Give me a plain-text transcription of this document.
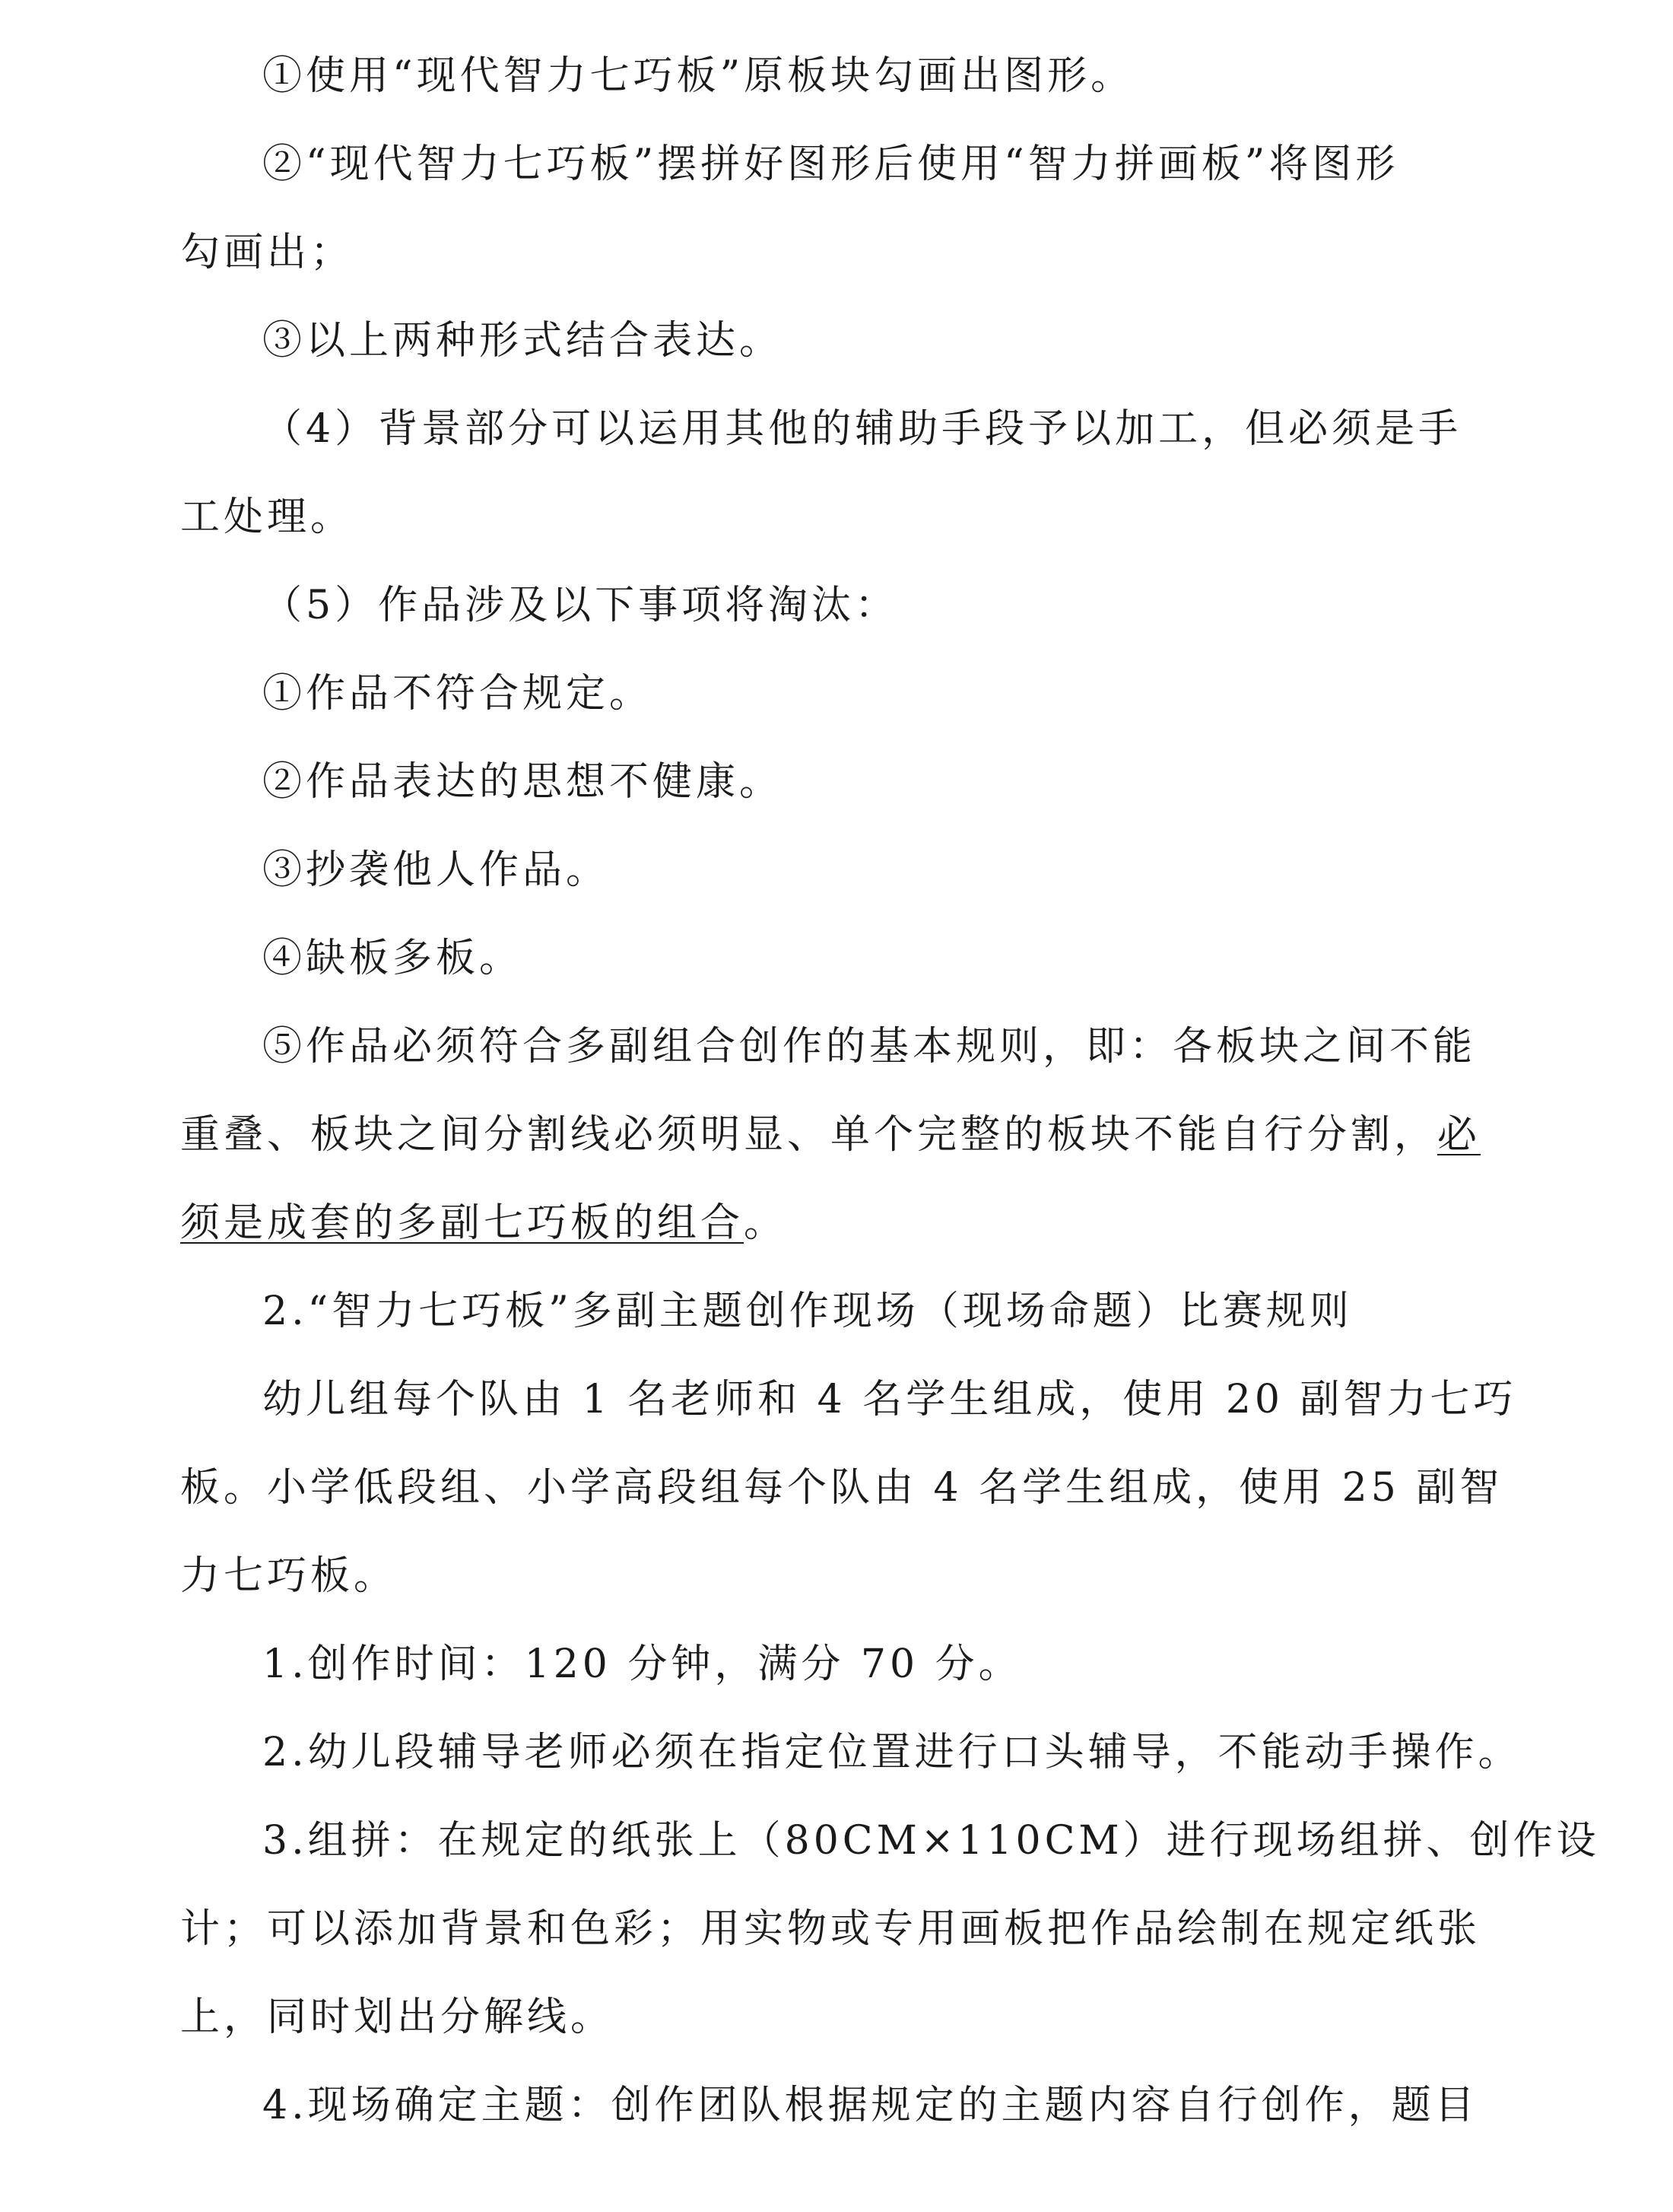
①使用“现代智力七巧板”原板块勾画出图形。
②“现代智力七巧板”摆拼好图形后使用“智力拼画板”将图形
勾画出；
③以上两种形式结合表达。
（4）背景部分可以运用其他的辅助手段予以加工，但必须是手
工处理。
（5）作品涉及以下事项将淘汰：
①作品不符合规定。
②作品表达的思想不健康。
③抄袭他人作品。
④缺板多板。
⑤作品必须符合多副组合创作的基本规则，即：各板块之间不能
重叠、板块之间分割线必须明显、单个完整的板块不能自行分割，必
须是成套的多副七巧板的组合。
2.“智力七巧板”多副主题创作现场（现场命题）比赛规则
幼儿组每个队由 1 名老师和 4 名学生组成，使用 20 副智力七巧
板。小学低段组、小学高段组每个队由 4 名学生组成，使用 25 副智
力七巧板。
1.创作时间：120 分钟，满分 70 分。
2.幼儿段辅导老师必须在指定位置进行口头辅导，不能动手操作。
3.组拼：在规定的纸张上（80CM×110CM）进行现场组拼、创作设
计；可以添加背景和色彩；用实物或专用画板把作品绘制在规定纸张
上，同时划出分解线。
4.现场确定主题：创作团队根据规定的主题内容自行创作，题目
